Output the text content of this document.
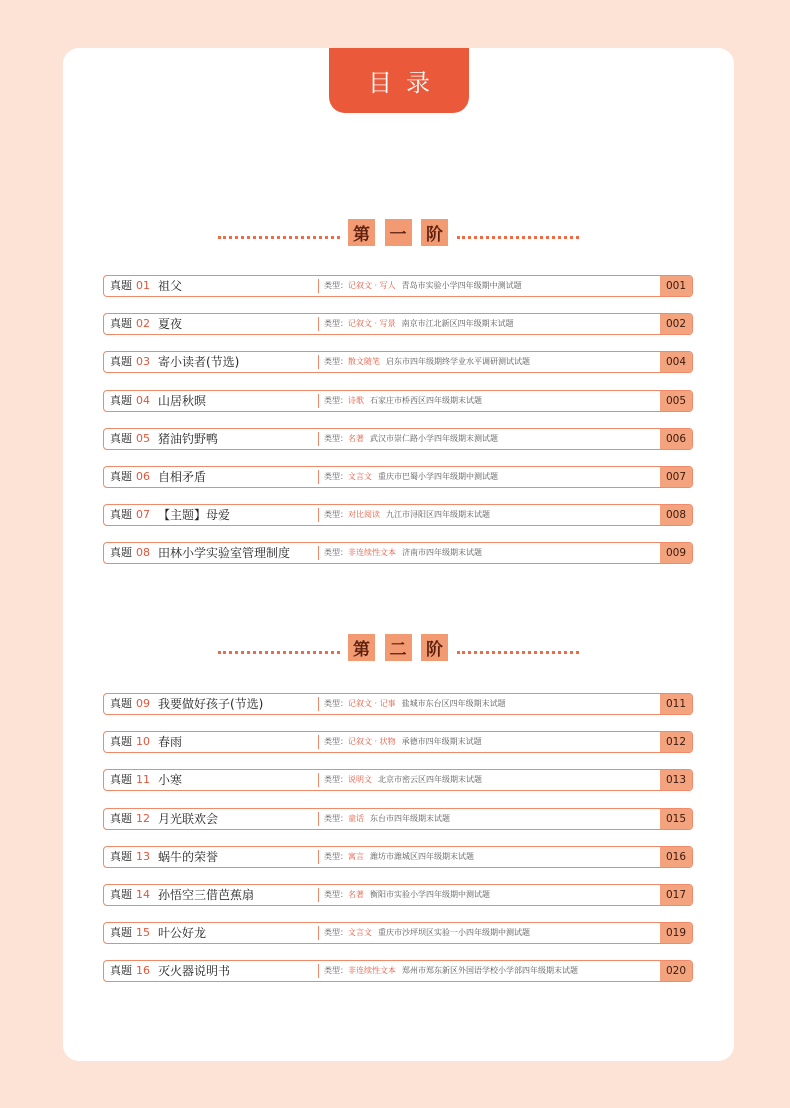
目录
第 一 阶
真题 01 祖父	类型：记叙文 · 写人 青岛市实验小学四年级期中测试题	001
真题 02 夏夜	类型：记叙文 · 写景 南京市江北新区四年级期末试题	002
真题 03 寄小读者(节选)	类型：散文随笔 启东市四年级期终学业水平调研测试试题	004
真题 04 山居秋暝	类型：诗歌 石家庄市桥西区四年级期末试题	005
真题 05 猪油钓野鸭	类型：名著 武汉市崇仁路小学四年级期末测试题	006
真题 06 自相矛盾	类型：文言文 重庆市巴蜀小学四年级期中测试题	007
真题 07 【主题】母爱	类型：对比阅读 九江市浔阳区四年级期末试题	008
真题 08 田林小学实验室管理制度	类型：非连续性文本 济南市四年级期末试题	009
第 二 阶
真题 09 我要做好孩子(节选)	类型：记叙文 · 记事 盐城市东台区四年级期末试题	011
真题 10 春雨	类型：记叙文 · 状物 承德市四年级期末试题	012
真题 11 小寒	类型：说明文 北京市密云区四年级期末试题	013
真题 12 月光联欢会	类型：童话 东台市四年级期末试题	015
真题 13 蜗牛的荣誉	类型：寓言 潍坊市潍城区四年级期末试题	016
真题 14 孙悟空三借芭蕉扇	类型：名著 衡阳市实验小学四年级期中测试题	017
真题 15 叶公好龙	类型：文言文 重庆市沙坪坝区实验一小四年级期中测试题	019
真题 16 灭火器说明书	类型：非连续性文本 郑州市郑东新区外国语学校小学部四年级期末试题	020
